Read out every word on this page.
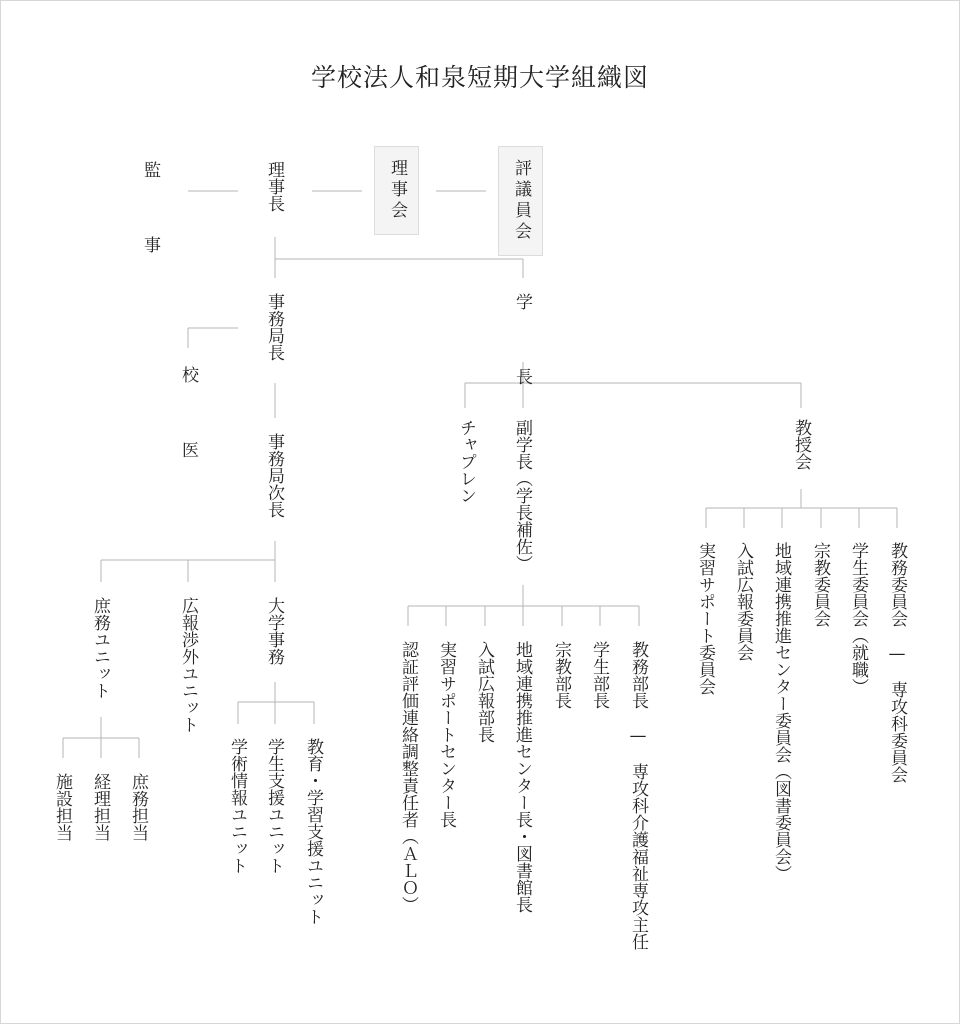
学校法人和泉短期大学組織図
監　事	理事長	理事会	評議員会
事務局長	学　長
校　医	事務局次長	チャプレン 副学長（学長補佐）	教授会
庶務ユニット	広報渉外ユニット	大学事務
施設担当 経理担当 庶務担当	学術情報ユニット 学生支援ユニット 教育・学習支援ユニット	認証評価連絡調整責任者（ＡＬＯ） 実習サポートセンター長 入試広報部長 地域連携推進センター長・図書館長 宗教部長 学生部長 教務部長　—　専攻科介護福祉専攻主任
実習サポート委員会 入試広報委員会 地域連携推進センター委員会（図書委員会） 宗教委員会 学生委員会（就職） 教務委員会　—　専攻科委員会
